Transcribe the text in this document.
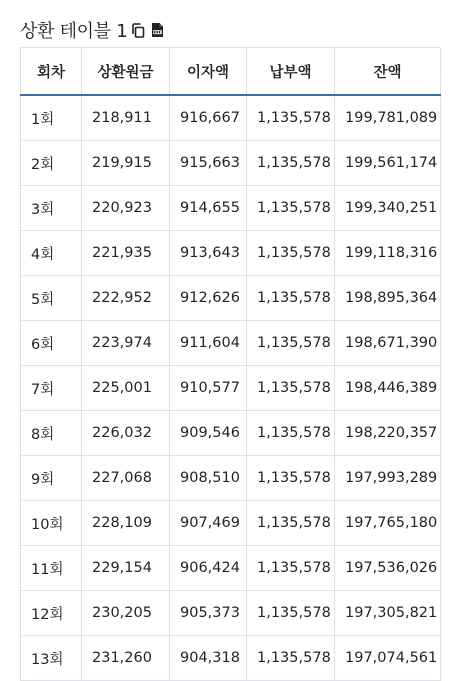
상환 테이블 1
회차	상환원금	이자액	납부액	잔액
1회	218,911	916,667	1,135,578	199,781,089
2회	219,915	915,663	1,135,578	199,561,174
3회	220,923	914,655	1,135,578	199,340,251
4회	221,935	913,643	1,135,578	199,118,316
5회	222,952	912,626	1,135,578	198,895,364
6회	223,974	911,604	1,135,578	198,671,390
7회	225,001	910,577	1,135,578	198,446,389
8회	226,032	909,546	1,135,578	198,220,357
9회	227,068	908,510	1,135,578	197,993,289
10회	228,109	907,469	1,135,578	197,765,180
11회	229,154	906,424	1,135,578	197,536,026
12회	230,205	905,373	1,135,578	197,305,821
13회	231,260	904,318	1,135,578	197,074,561
